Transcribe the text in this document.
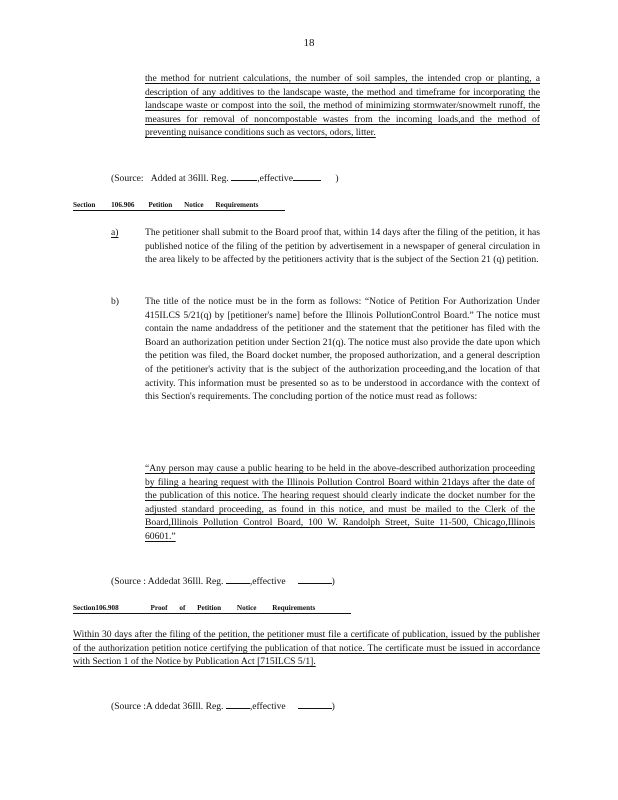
18
the method for nutrient calculations, the number of soil samples, the intended crop or planting, a description of any additives to the landscape waste, the method and timeframe for incorporating the landscape waste or compost into the soil, the method of minimizing stormwater/snowmelt runoff, the measures for removal of noncompostable wastes from the incoming loads,and the method of preventing nuisance conditions such as vectors, odors, litter.
(Source: Added at 36Ill. Reg.	,effective	)
Section 106.906 Petition Notice Requirements
a)	The petitioner shall submit to the Board proof that, within 14 days after the filing of the petition, it has published notice of the filing of the petition by advertisement in a newspaper of general circulation in the area likely to be affected by the petitioners activity that is the subject of the Section 21 (q) petition.
b)	The title of the notice must be in the form as follows: “Notice of Petition For Authorization Under 415ILCS 5/21(q) by [petitioner's name] before the Illinois PollutionControl Board.” The notice must contain the name andaddress of the petitioner and the statement that the petitioner has filed with the Board an authorization petition under Section 21(q). The notice must also provide the date upon which the petition was filed, the Board docket number, the proposed authorization, and a general description of the petitioner's activity that is the subject of the authorization proceeding,and the location of that activity. This information must be presented so as to be understood in accordance with the context of this Section's requirements. The concluding portion of the notice must read as follows:
“Any person may cause a public hearing to be held in the above-described authorization proceeding by filing a hearing request with the Illinois Pollution Control Board within 21days after the date of the publication of this notice. The hearing request should clearly indicate the docket number for the adjusted standard proceeding, as found in this notice, and must be mailed to the Clerk of the Board,Illinois Pollution Control Board, 100 W. Randolph Street, Suite 11-500, Chicago,Illinois 60601.”
(Source : Addedat 36Ill. Reg.	,effective	)
Section106.908	Proof of Petition Notice Requirements
Within 30 days after the filing of the petition, the petitioner must file a certificate of publication, issued by the publisher of the authorization petition notice certifying the publication of that notice. The certificate must be issued in accordance with Section 1 of the Notice by Publication Act [715ILCS 5/1].
(Source :A ddedat 36Ill. Reg.	,effective	)
